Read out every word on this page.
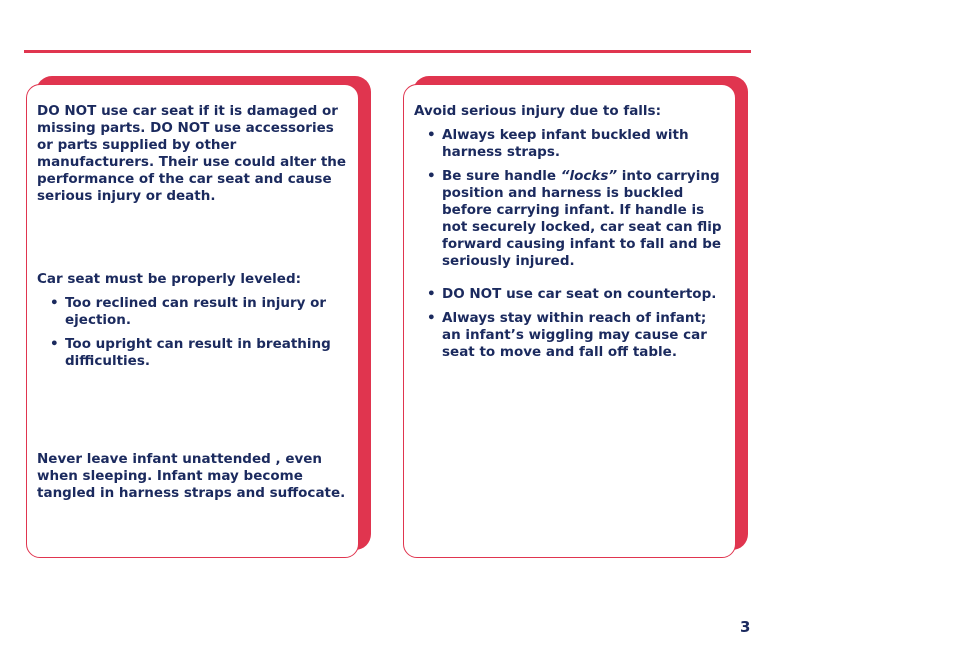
DO NOT use car seat if it is damaged or missing parts. DO NOT use accessories or parts supplied by other manufacturers. Their use could alter the performance of the car seat and cause serious injury or death.

Car seat must be properly leveled:

• Too reclined can result in injury or ejection.
• Too upright can result in breathing difficulties.

Never leave infant unattended , even when sleeping. Infant may become tangled in harness straps and suffocate.

Avoid serious injury due to falls:

• Always keep infant buckled with harness straps.
• Be sure handle “locks” into carrying position and harness is buckled before carrying infant. If handle is not securely locked, car seat can flip forward causing infant to fall and be seriously injured.
• DO NOT use car seat on countertop.
• Always stay within reach of infant; an infant’s wiggling may cause car seat to move and fall off table.
3
